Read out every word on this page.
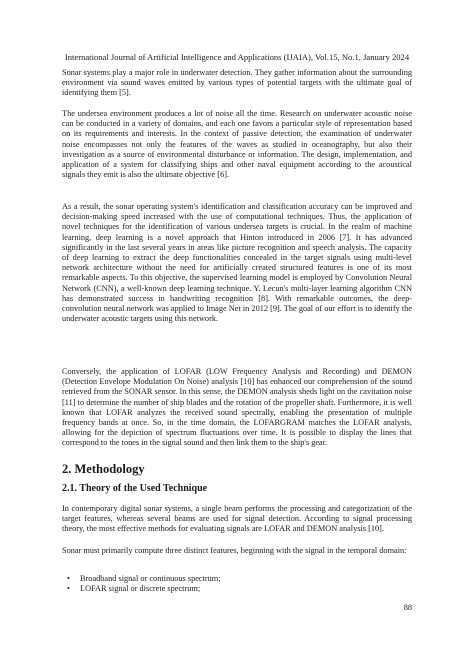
International Journal of Artificial Intelligence and Applications (IJAIA), Vol.15, No.1, January 2024

Sonar systems play a major role in underwater detection. They gather information about the surrounding environment via sound waves emitted by various types of potential targets with the ultimate goal of identifying them [5].

The undersea environment produces a lot of noise all the time. Research on underwater acoustic noise can be conducted in a variety of domains, and each one favors a particular style of representation based on its requirements and interests. In the context of passive detection, the examination of underwater noise encompasses not only the features of the waves as studied in oceanography, but also their investigation as a source of environmental disturbance or information. The design, implementation, and application of a system for classifying ships and other naval equipment according to the acoustical signals they emit is also the ultimate objective [6].

As a result, the sonar operating system's identification and classification accuracy can be improved and decision-making speed increased with the use of computational techniques. Thus, the application of novel techniques for the identification of various undersea targets is crucial. In the realm of machine learning, deep learning is a novel approach that Hinton introduced in 2006 [7]. It has advanced significantly in the last several years in areas like picture recognition and speech analysis. The capacity of deep learning to extract the deep functionalities concealed in the target signals using multi-level network architecture without the need for artificially created structured features is one of its most remarkable aspects. To this objective, the supervised learning model is employed by Convolution Neural Network (CNN), a well-known deep learning technique. Y. Lecun's multi-layer learning algorithm CNN has demonstrated success in handwriting recognition [8]. With remarkable outcomes, the deep-convolution neural network was applied to Image Net in 2012 [9]. The goal of our effort is to identify the underwater acoustic targets using this network.

Conversely, the application of LOFAR (LOW Frequency Analysis and Recording) and DEMON (Detection Envelope Modulation On Noise) analysis [10] has enhanced our comprehension of the sound retrieved from the SONAR sensor. In this sense, the DEMON analysis sheds light on the cavitation noise [11] to determine the number of ship blades and the rotation of the propeller shaft. Furthermore, it is well known that LOFAR analyzes the received sound spectrally, enabling the presentation of multiple frequency bands at once. So, in the time domain, the LOFARGRAM matches the LOFAR analysis, allowing for the depiction of spectrum fluctuations over time. It is possible to display the lines that correspond to the tones in the signal sound and then link them to the ship's gear.

2. Methodology
2.1. Theory of the Used Technique

In contemporary digital sonar systems, a single beam performs the processing and categorization of the target features, whereas several beams are used for signal detection. According to signal processing theory, the most effective methods for evaluating signals are LOFAR and DEMON analysis [10].

Sonar must primarily compute three distinct features, beginning with the signal in the temporal domain:

• Broadband signal or continuous spectrum;
• LOFAR signal or discrete spectrum;
88
